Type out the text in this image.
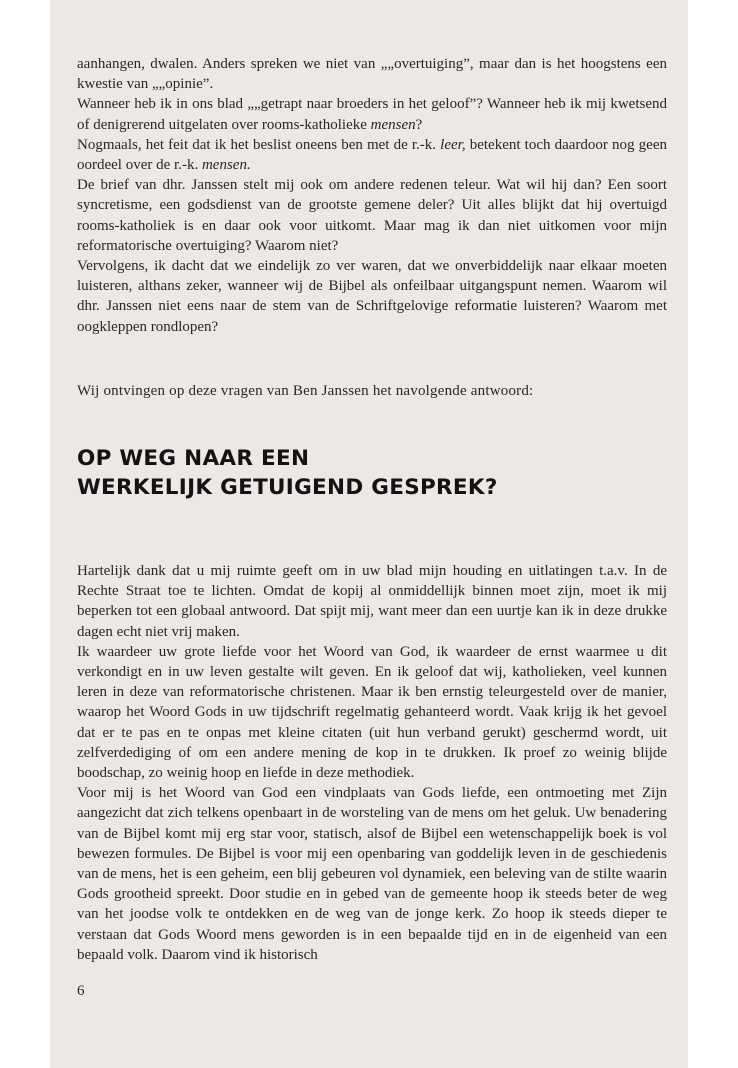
aanhangen, dwalen. Anders spreken we niet van „„overtuiging”, maar dan is het hoogstens een kwestie van „„opinie”.

Wanneer heb ik in ons blad „„getrapt naar broeders in het geloof”? Wanneer heb ik mij kwetsend of denigrerend uitgelaten over rooms-katholieke mensen?

Nogmaals, het feit dat ik het beslist oneens ben met de r.-k. leer, betekent toch daardoor nog geen oordeel over de r.-k. mensen.

De brief van dhr. Janssen stelt mij ook om andere redenen teleur. Wat wil hij dan? Een soort syncretisme, een godsdienst van de grootste gemene deler? Uit alles blijkt dat hij overtuigd rooms-katholiek is en daar ook voor uitkomt. Maar mag ik dan niet uitkomen voor mijn reformatorische overtuiging? Waarom niet?

Vervolgens, ik dacht dat we eindelijk zo ver waren, dat we onverbiddelijk naar elkaar moeten luisteren, althans zeker, wanneer wij de Bijbel als onfeilbaar uitgangspunt nemen. Waarom wil dhr. Janssen niet eens naar de stem van de Schriftgelovige reformatie luisteren? Waarom met oogkleppen rondlopen?

Wij ontvingen op deze vragen van Ben Janssen het navolgende antwoord:

OP WEG NAAR EEN
WERKELIJK GETUIGEND GESPREK?

Hartelijk dank dat u mij ruimte geeft om in uw blad mijn houding en uitlatingen t.a.v. In de Rechte Straat toe te lichten. Omdat de kopij al onmiddellijk binnen moet zijn, moet ik mij beperken tot een globaal antwoord. Dat spijt mij, want meer dan een uurtje kan ik in deze drukke dagen echt niet vrij maken.

Ik waardeer uw grote liefde voor het Woord van God, ik waardeer de ernst waarmee u dit verkondigt en in uw leven gestalte wilt geven. En ik geloof dat wij, katholieken, veel kunnen leren in deze van reformatorische christenen. Maar ik ben ernstig teleurgesteld over de manier, waarop het Woord Gods in uw tijdschrift regelmatig gehanteerd wordt. Vaak krijg ik het gevoel dat er te pas en te onpas met kleine citaten (uit hun verband gerukt) geschermd wordt, uit zelfverdediging of om een andere mening de kop in te drukken. Ik proef zo weinig blijde boodschap, zo weinig hoop en liefde in deze methodiek.

Voor mij is het Woord van God een vindplaats van Gods liefde, een ontmoeting met Zijn aangezicht dat zich telkens openbaart in de worsteling van de mens om het geluk. Uw benadering van de Bijbel komt mij erg star voor, statisch, alsof de Bijbel een wetenschappelijk boek is vol bewezen formules. De Bijbel is voor mij een openbaring van goddelijk leven in de geschiedenis van de mens, het is een geheim, een blij gebeuren vol dynamiek, een beleving van de stilte waarin Gods grootheid spreekt. Door studie en in gebed van de gemeente hoop ik steeds beter de weg van het joodse volk te ontdekken en de weg van de jonge kerk. Zo hoop ik steeds dieper te verstaan dat Gods Woord mens geworden is in een bepaalde tijd en in de eigenheid van een bepaald volk. Daarom vind ik historisch

6
